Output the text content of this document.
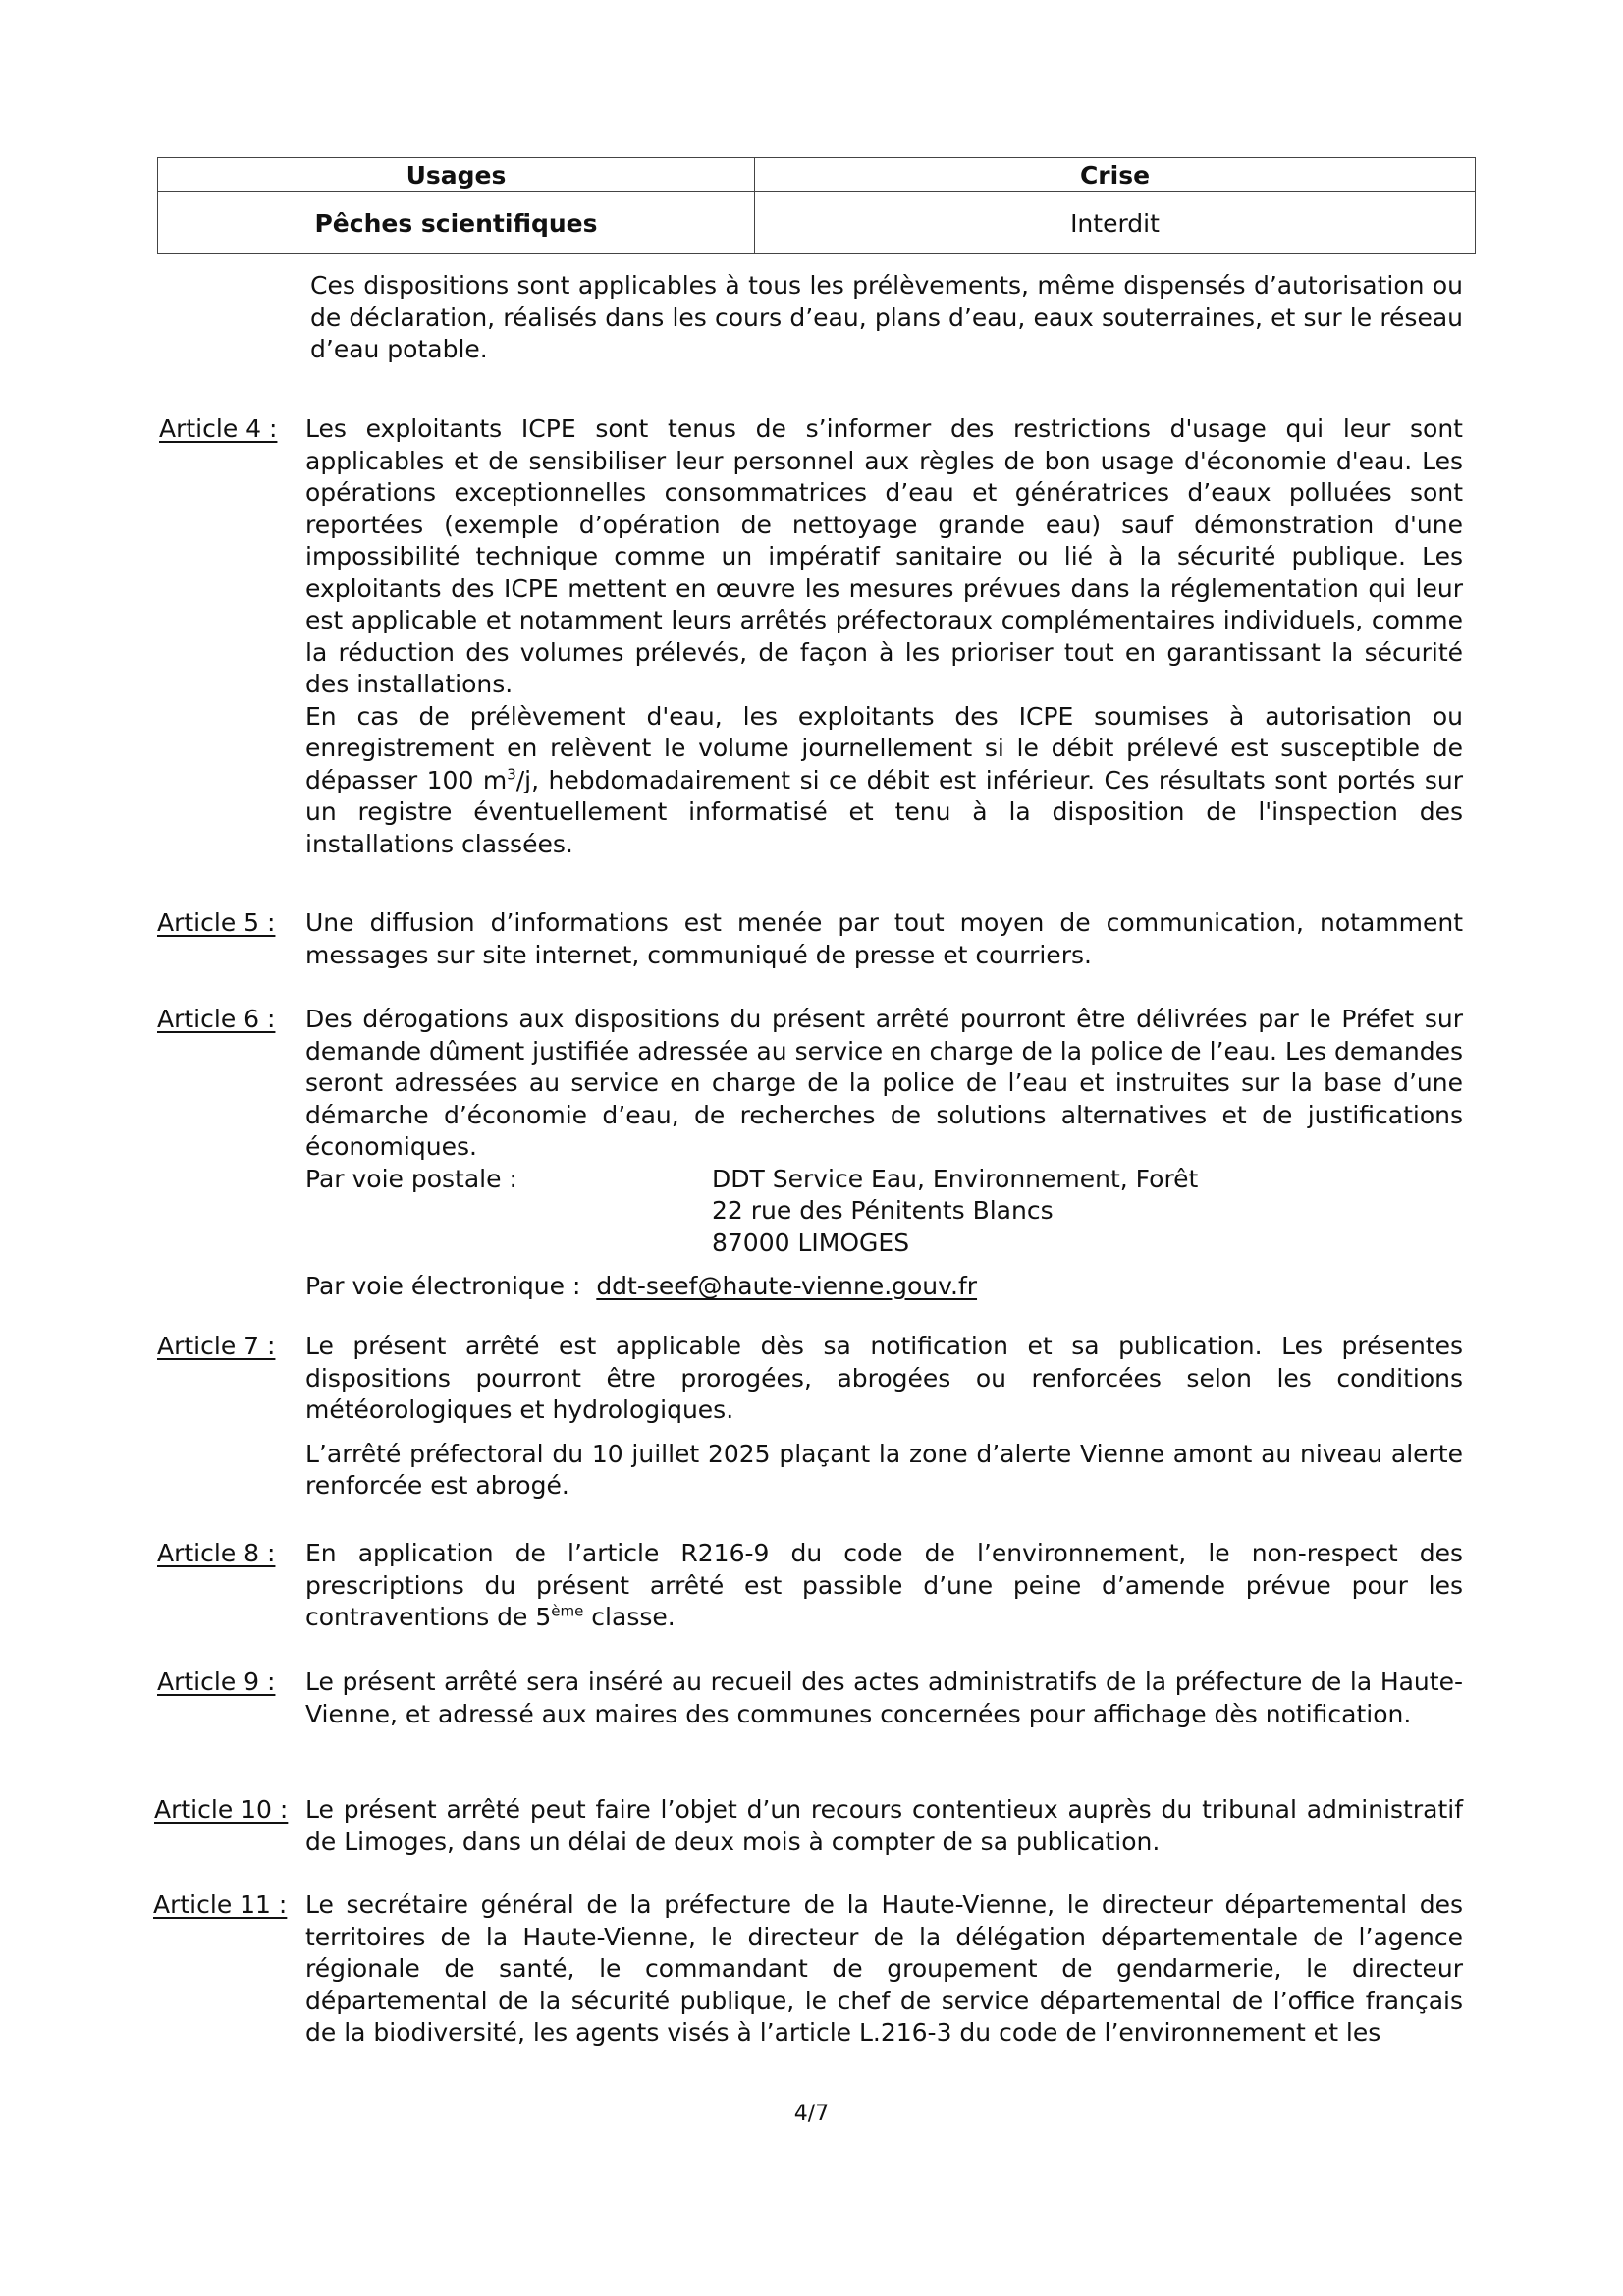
Usages	Crise
Pêches scientifiques	Interdit
Ces dispositions sont applicables à tous les prélèvements, même dispensés d’autorisation ou de déclaration, réalisés dans les cours d’eau, plans d’eau, eaux souterraines, et sur le réseau d’eau potable.
Article 4 : Les exploitants ICPE sont tenus de s’informer des restrictions d'usage qui leur sont applicables et de sensibiliser leur personnel aux règles de bon usage d'économie d'eau. Les opérations exceptionnelles consommatrices d’eau et génératrices d’eaux polluées sont reportées (exemple d’opération de nettoyage grande eau) sauf démonstration d'une impossibilité technique comme un impératif sanitaire ou lié à la sécurité publique. Les exploitants des ICPE mettent en œuvre les mesures prévues dans la réglementation qui leur est applicable et notamment leurs arrêtés préfectoraux complémentaires individuels, comme la réduction des volumes prélevés, de façon à les prioriser tout en garantissant la sécurité des installations.

En cas de prélèvement d'eau, les exploitants des ICPE soumises à autorisation ou enregistrement en relèvent le volume journellement si le débit prélevé est susceptible de dépasser 100 $m^3/j$, hebdomadairement si ce débit est inférieur. Ces résultats sont portés sur un registre éventuellement informatisé et tenu à la disposition de l'inspection des installations classées.

Article 5 : Une diffusion d’informations est menée par tout moyen de communication, notamment messages sur site internet, communiqué de presse et courriers.

Article 6 : Des dérogations aux dispositions du présent arrêté pourront être délivrées par le Préfet sur demande dûment justifiée adressée au service en charge de la police de l’eau. Les demandes seront adressées au service en charge de la police de l’eau et instruites sur la base d’une démarche d’économie d’eau, de recherches de solutions alternatives et de justifications économiques.

Par voie postale :	DDT Service Eau, Environnement, Forêt
22 rue des Pénitents Blancs
87000 LIMOGES

Par voie électronique : ddt-seef@haute-vienne.gouv.fr

Article 7 : Le présent arrêté est applicable dès sa notification et sa publication. Les présentes dispositions pourront être prorogées, abrogées ou renforcées selon les conditions météorologiques et hydrologiques.

L’arrêté préfectoral du 10 juillet 2025 plaçant la zone d’alerte Vienne amont au niveau alerte renforcée est abrogé.

Article 8 : En application de l’article R216-9 du code de l’environnement, le non-respect des prescriptions du présent arrêté est passible d’une peine d’amende prévue pour les contraventions de 5ème classe.

Article 9 : Le présent arrêté sera inséré au recueil des actes administratifs de la préfecture de la Haute-Vienne, et adressé aux maires des communes concernées pour affichage dès notification.

Article 10 : Le présent arrêté peut faire l’objet d’un recours contentieux auprès du tribunal administratif de Limoges, dans un délai de deux mois à compter de sa publication.

Article 11 : Le secrétaire général de la préfecture de la Haute-Vienne, le directeur départemental des territoires de la Haute-Vienne, le directeur de la délégation départementale de l’agence régionale de santé, le commandant de groupement de gendarmerie, le directeur départemental de la sécurité publique, le chef de service départemental de l’office français de la biodiversité, les agents visés à l’article L.216-3 du code de l’environnement et les

4/7
